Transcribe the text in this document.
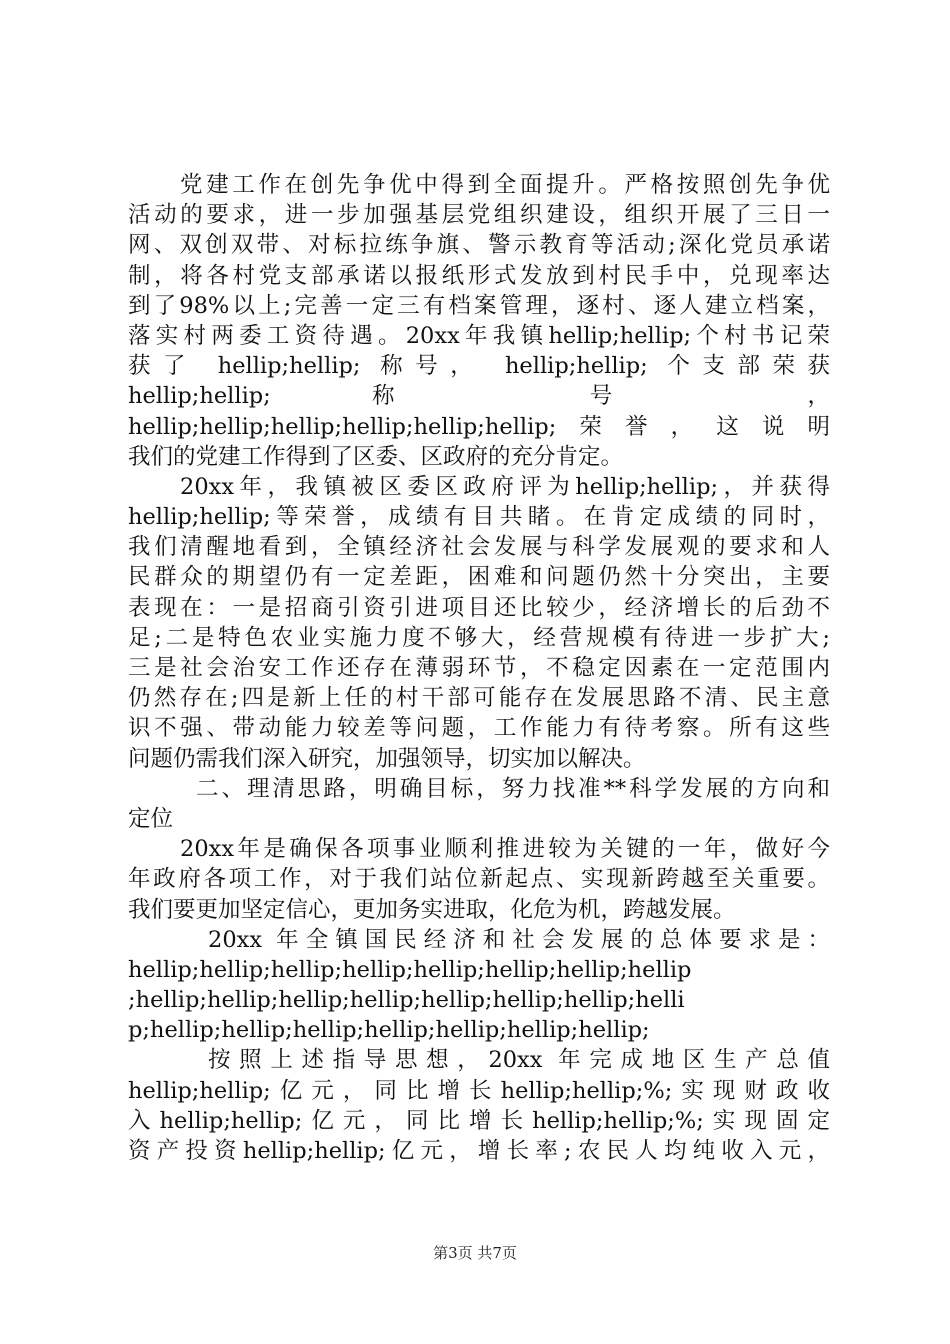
党建工作在创先争优中得到全面提升。严格按照创先争优
活动的要求，进一步加强基层党组织建设，组织开展了三日一
网、双创双带、对标拉练争旗、警示教育等活动;深化党员承诺
制，将各村党支部承诺以报纸形式发放到村民手中，兑现率达
到了98%以上;完善一定三有档案管理，逐村、逐人建立档案，
落实村两委工资待遇。20xx年我镇hellip;hellip;个村书记荣
获了 hellip;hellip; 称号， hellip;hellip; 个支部荣获
hellip;hellip; 称 号 ，
hellip;hellip;hellip;hellip;hellip;hellip;荣誉，这说明
我们的党建工作得到了区委、区政府的充分肯定。
20xx年，我镇被区委区政府评为hellip;hellip;，并获得
hellip;hellip;等荣誉，成绩有目共睹。在肯定成绩的同时，
我们清醒地看到，全镇经济社会发展与科学发展观的要求和人
民群众的期望仍有一定差距，困难和问题仍然十分突出，主要
表现在：一是招商引资引进项目还比较少，经济增长的后劲不
足;二是特色农业实施力度不够大，经营规模有待进一步扩大;
三是社会治安工作还存在薄弱环节，不稳定因素在一定范围内
仍然存在;四是新上任的村干部可能存在发展思路不清、民主意
识不强、带动能力较差等问题，工作能力有待考察。所有这些
问题仍需我们深入研究，加强领导，切实加以解决。
二、理清思路，明确目标，努力找准**科学发展的方向和
定位
20xx年是确保各项事业顺利推进较为关键的一年，做好今
年政府各项工作，对于我们站位新起点、实现新跨越至关重要。
我们要更加坚定信心，更加务实进取，化危为机，跨越发展。
20xx 年全镇国民经济和社会发展的总体要求是：
hellip;hellip;hellip;hellip;hellip;hellip;hellip;hellip
;hellip;hellip;hellip;hellip;hellip;hellip;hellip;helli
p;hellip;hellip;hellip;hellip;hellip;hellip;hellip;
按照上述指导思想，20xx 年完成地区生产总值
hellip;hellip;亿元，同比增长hellip;hellip;%;实现财政收
入hellip;hellip;亿元，同比增长hellip;hellip;%;实现固定
资产投资hellip;hellip;亿元，增长率;农民人均纯收入元，
第3页 共7页
